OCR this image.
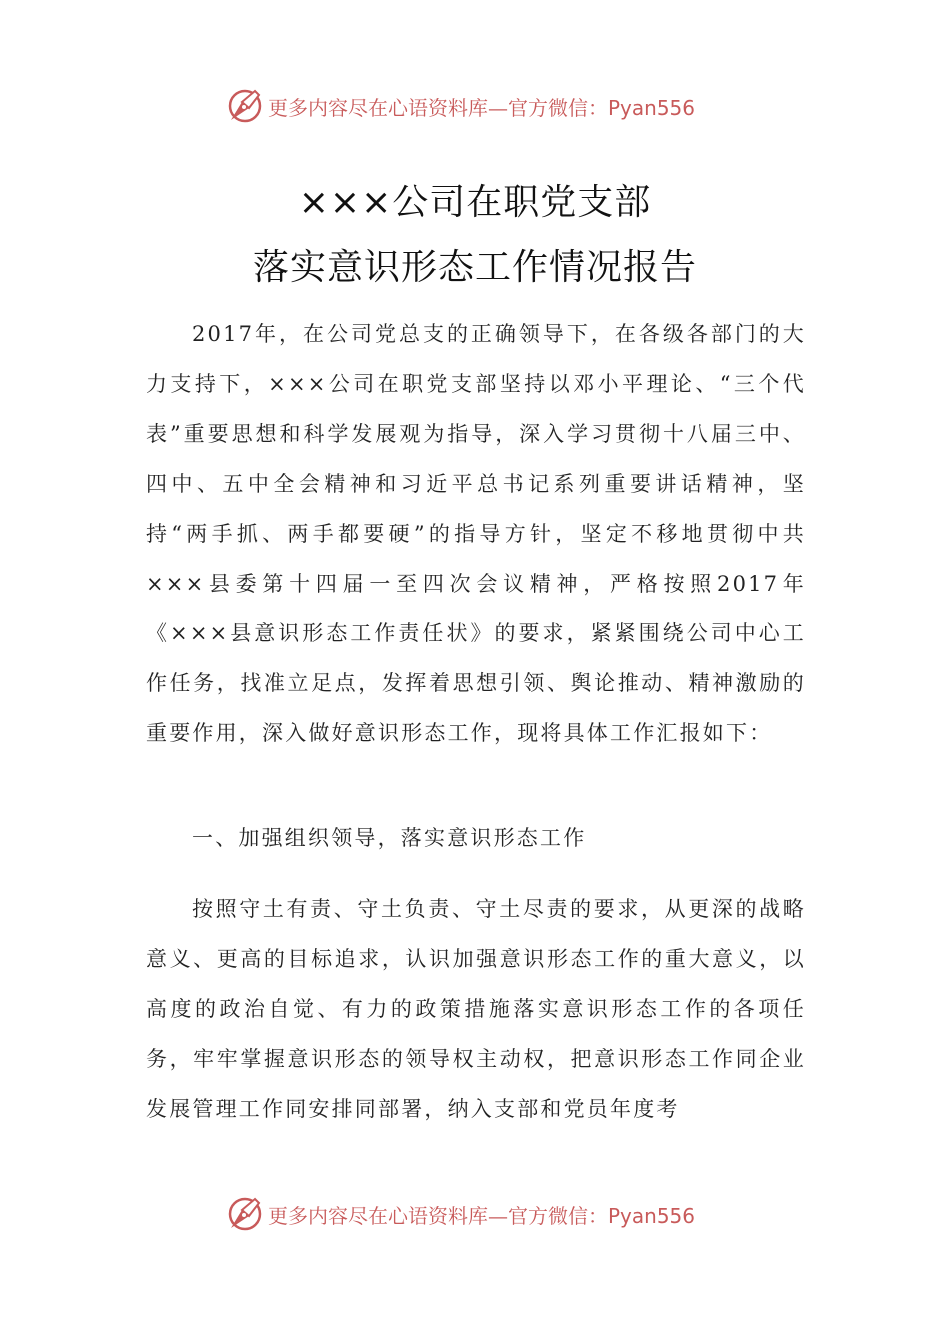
更多内容尽在心语资料库—官方微信：Pyan556
×××公司在职党支部
落实意识形态工作情况报告
2017年，在公司党总支的正确领导下，在各级各部门的大力支持下，×××公司在职党支部坚持以邓小平理论、“三个代表”重要思想和科学发展观为指导，深入学习贯彻十八届三中、四中、五中全会精神和习近平总书记系列重要讲话精神，坚持“两手抓、两手都要硬”的指导方针，坚定不移地贯彻中共×××县委第十四届一至四次会议精神，严格按照2017年《×××县意识形态工作责任状》的要求，紧紧围绕公司中心工作任务，找准立足点，发挥着思想引领、舆论推动、精神激励的重要作用，深入做好意识形态工作，现将具体工作汇报如下：
一、加强组织领导，落实意识形态工作
按照守土有责、守土负责、守土尽责的要求，从更深的战略意义、更高的目标追求，认识加强意识形态工作的重大意义，以高度的政治自觉、有力的政策措施落实意识形态工作的各项任务，牢牢掌握意识形态的领导权主动权，把意识形态工作同企业发展管理工作同安排同部署，纳入支部和党员年度考
更多内容尽在心语资料库—官方微信：Pyan556
